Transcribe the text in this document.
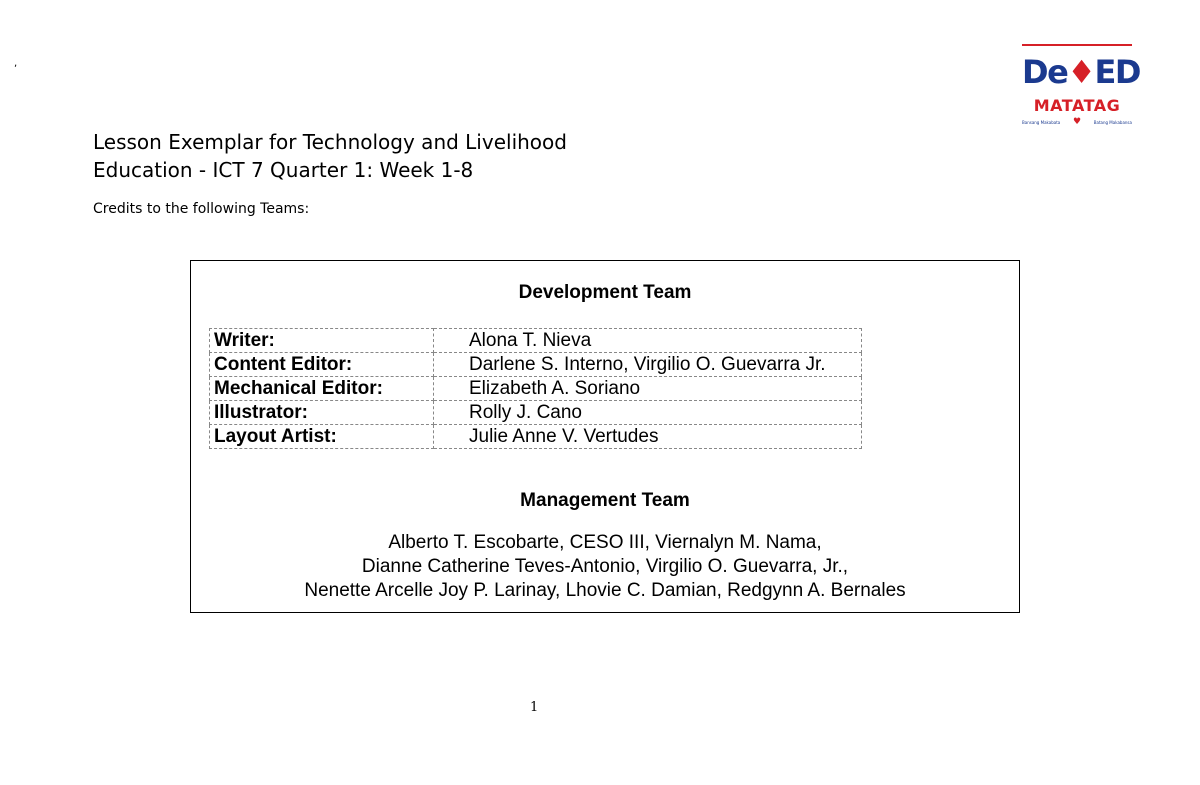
,	De♦ED
MATATAG
Bansang Makabata ♥	Batang Makabansa
Lesson Exemplar for Technology and Livelihood
Education - ICT 7 Quarter 1: Week 1-8
Credits to the following Teams:
Development Team
Writer:	Alona T. Nieva
Content Editor:	Darlene S. Interno, Virgilio O. Guevarra Jr.
Mechanical Editor:	Elizabeth A. Soriano
Illustrator:	Rolly J. Cano
Layout Artist:	Julie Anne V. Vertudes
Management Team
Alberto T. Escobarte, CESO III, Viernalyn M. Nama,
Dianne Catherine Teves-Antonio, Virgilio O. Guevarra, Jr.,
Nenette Arcelle Joy P. Larinay, Lhovie C. Damian, Redgynn A. Bernales
1
